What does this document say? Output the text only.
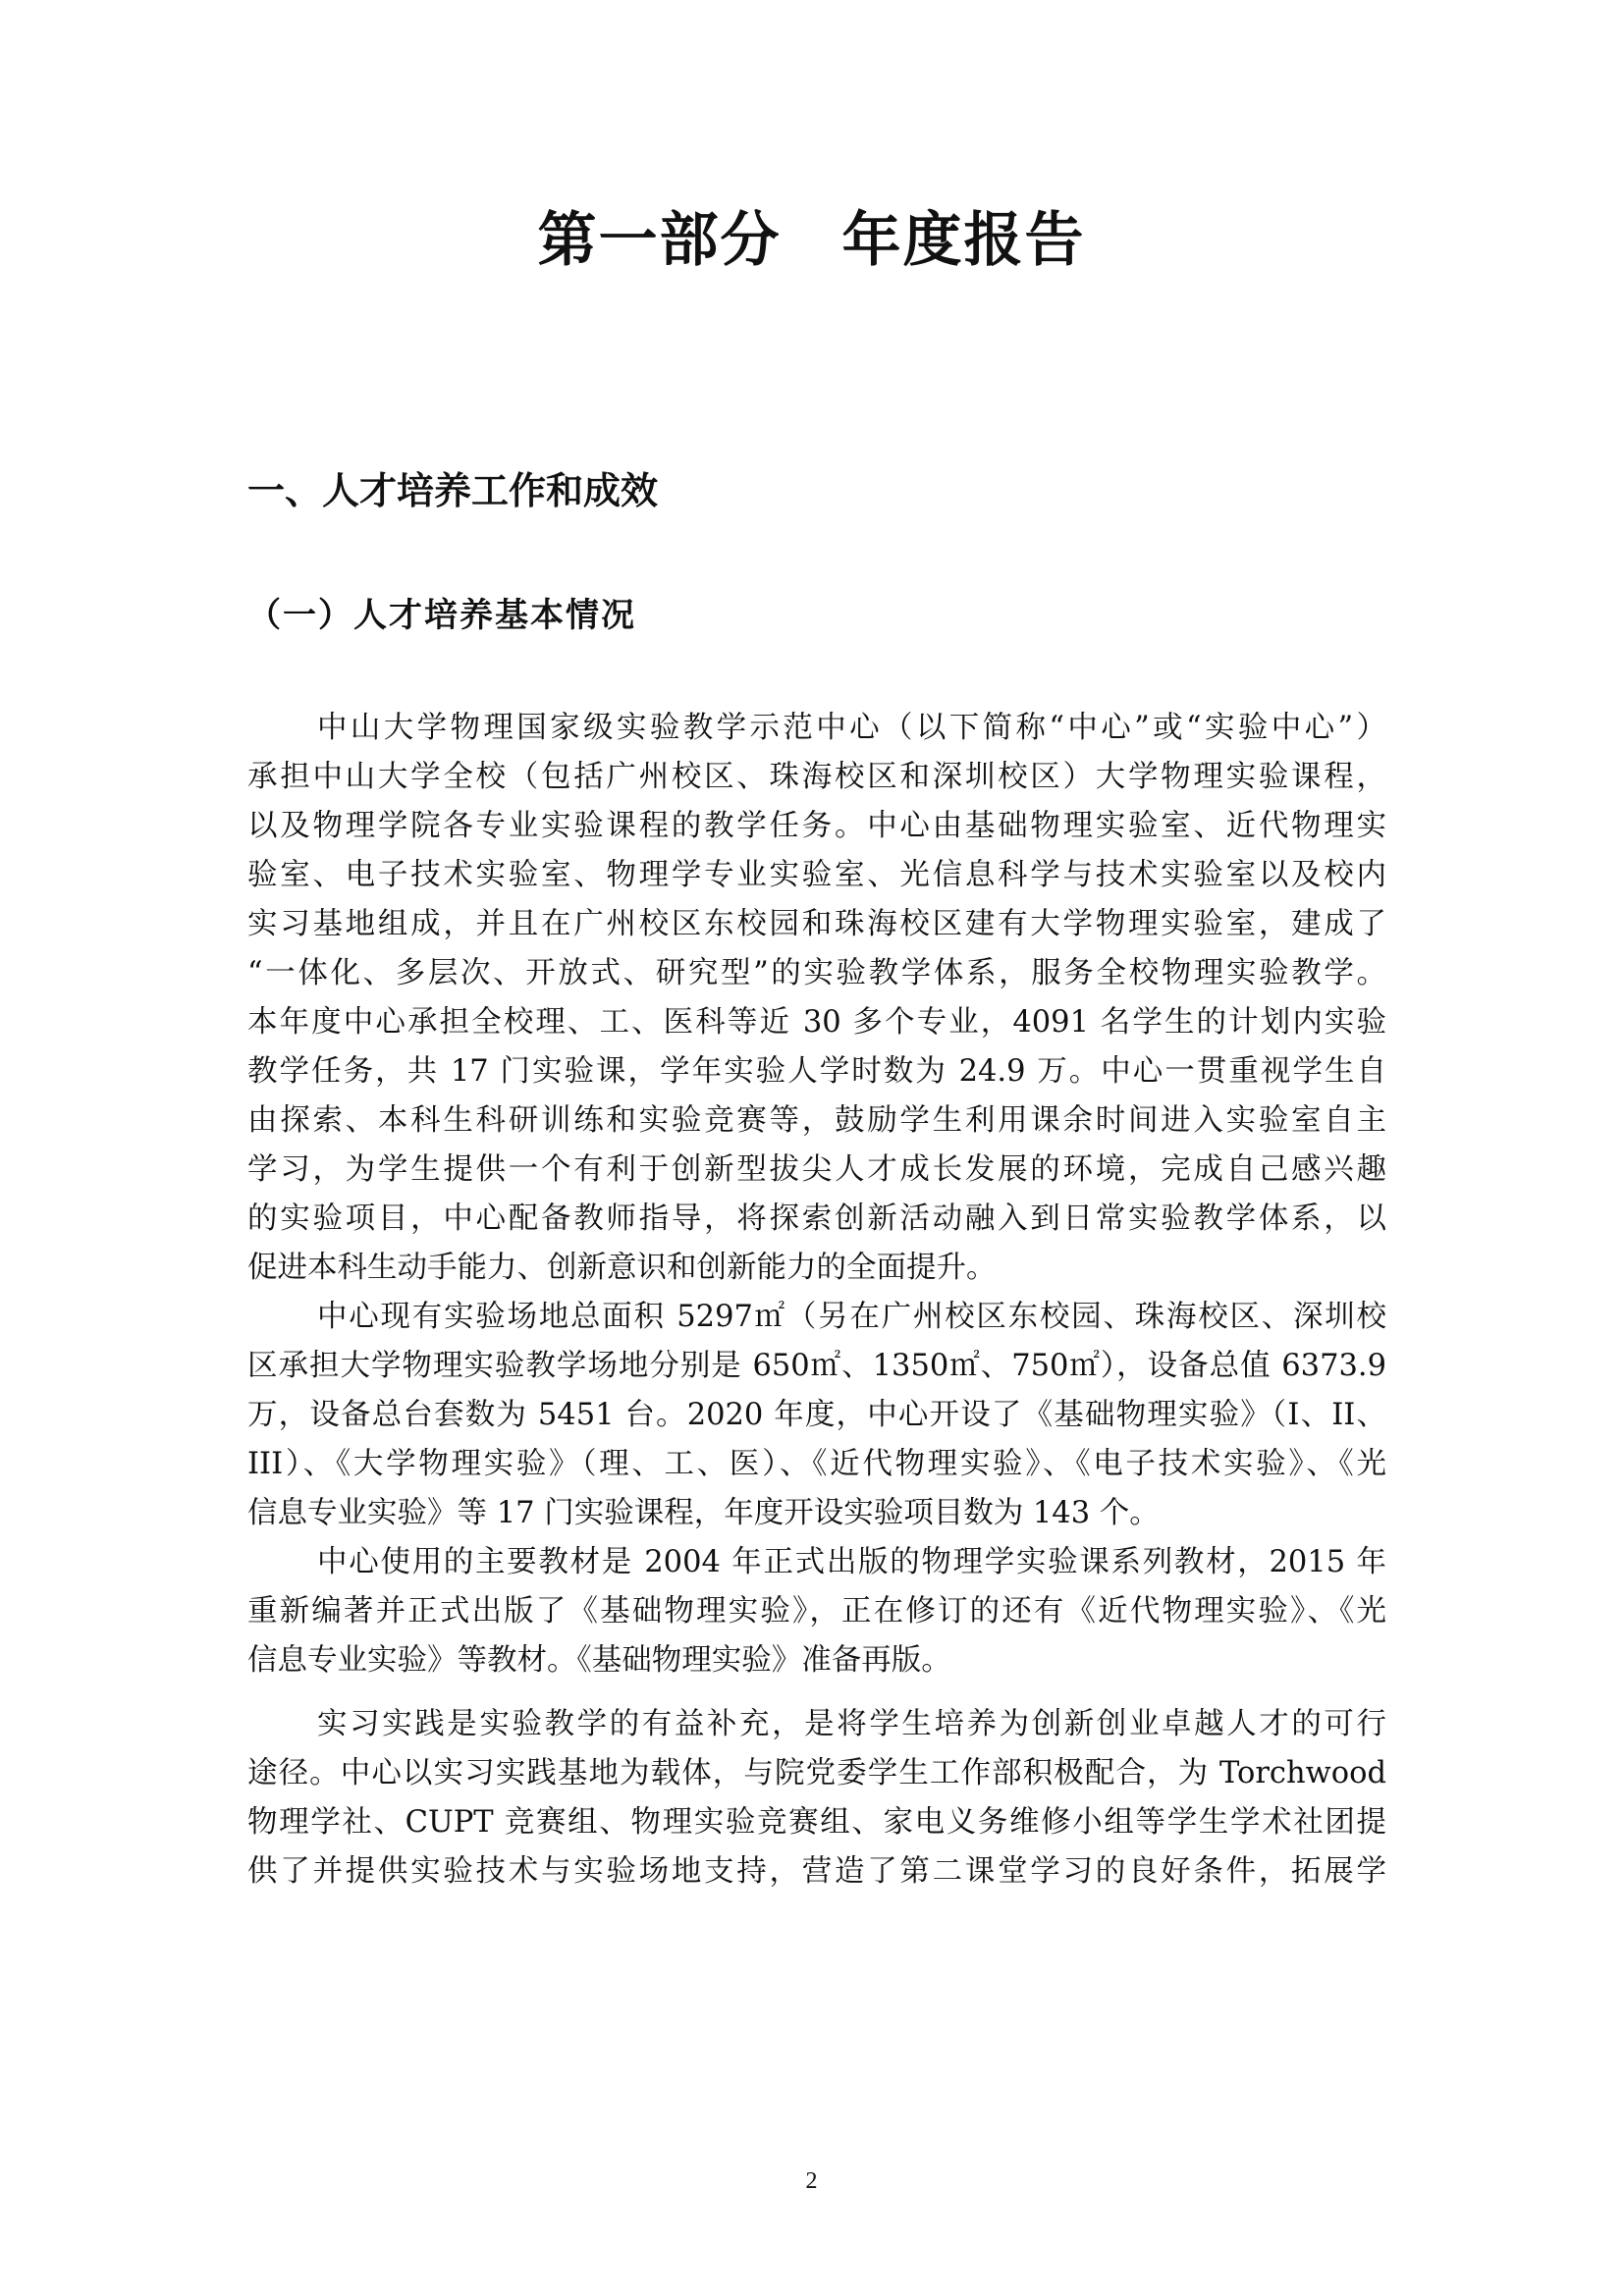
第一部分　年度报告
一、人才培养工作和成效
（一）人才培养基本情况
中山大学物理国家级实验教学示范中心（以下简称“中心”或“实验中心”）
承担中山大学全校（包括广州校区、珠海校区和深圳校区）大学物理实验课程，
以及物理学院各专业实验课程的教学任务。中心由基础物理实验室、近代物理实
验室、电子技术实验室、物理学专业实验室、光信息科学与技术实验室以及校内
实习基地组成，并且在广州校区东校园和珠海校区建有大学物理实验室，建成了
“一体化、多层次、开放式、研究型”的实验教学体系，服务全校物理实验教学。
本年度中心承担全校理、工、医科等近 30 多个专业，4091 名学生的计划内实验
教学任务，共 17 门实验课，学年实验人学时数为 24.9 万。中心一贯重视学生自
由探索、本科生科研训练和实验竞赛等，鼓励学生利用课余时间进入实验室自主
学习，为学生提供一个有利于创新型拔尖人才成长发展的环境，完成自己感兴趣
的实验项目，中心配备教师指导，将探索创新活动融入到日常实验教学体系，以
促进本科生动手能力、创新意识和创新能力的全面提升。
中心现有实验场地总面积 5297㎡（另在广州校区东校园、珠海校区、深圳校
区承担大学物理实验教学场地分别是 650㎡、1350㎡、750㎡），设备总值 6373.9
万，设备总台套数为 5451 台。2020 年度，中心开设了《基础物理实验》（I、II、
III）、《大学物理实验》（理、工、医）、《近代物理实验》、《电子技术实验》、《光
信息专业实验》等 17 门实验课程，年度开设实验项目数为 143 个。
中心使用的主要教材是 2004 年正式出版的物理学实验课系列教材，2015 年
重新编著并正式出版了《基础物理实验》，正在修订的还有《近代物理实验》、《光
信息专业实验》等教材。《基础物理实验》准备再版。
实习实践是实验教学的有益补充，是将学生培养为创新创业卓越人才的可行
途径。中心以实习实践基地为载体，与院党委学生工作部积极配合，为 Torchwood
物理学社、CUPT 竞赛组、物理实验竞赛组、家电义务维修小组等学生学术社团提
供了并提供实验技术与实验场地支持，营造了第二课堂学习的良好条件，拓展学
2
